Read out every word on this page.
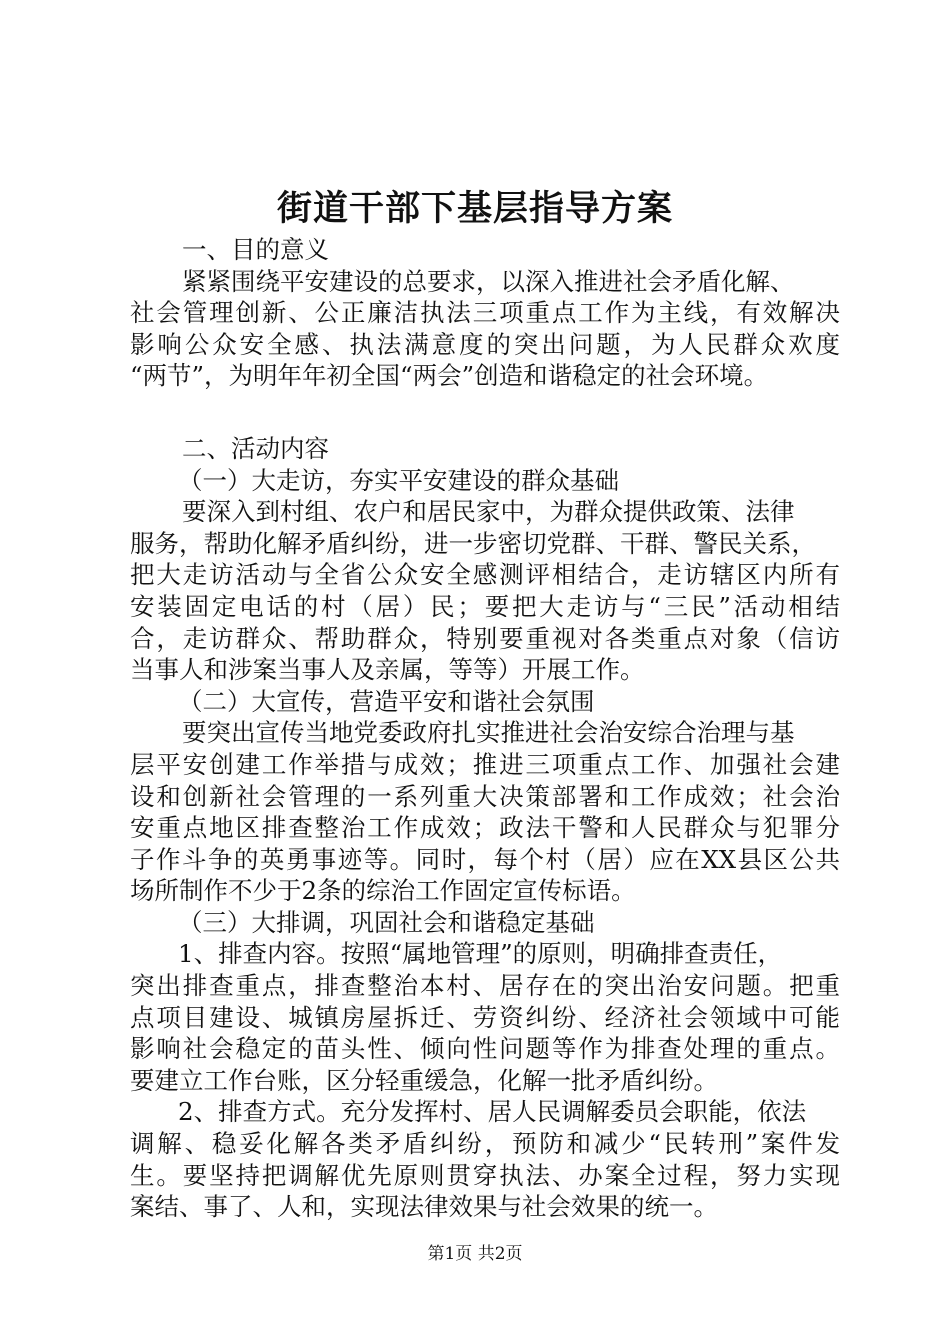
街道干部下基层指导方案
一、目的意义
紧紧围绕平安建设的总要求，以深入推进社会矛盾化解、
社会管理创新、公正廉洁执法三项重点工作为主线，有效解决
影响公众安全感、执法满意度的突出问题，为人民群众欢度
“两节”，为明年年初全国“两会”创造和谐稳定的社会环境。
二、活动内容
（一）大走访，夯实平安建设的群众基础
要深入到村组、农户和居民家中，为群众提供政策、法律
服务，帮助化解矛盾纠纷，进一步密切党群、干群、警民关系，
把大走访活动与全省公众安全感测评相结合，走访辖区内所有
安装固定电话的村（居）民；要把大走访与“三民”活动相结
合，走访群众、帮助群众，特别要重视对各类重点对象（信访
当事人和涉案当事人及亲属，等等）开展工作。
（二）大宣传，营造平安和谐社会氛围
要突出宣传当地党委政府扎实推进社会治安综合治理与基
层平安创建工作举措与成效；推进三项重点工作、加强社会建
设和创新社会管理的一系列重大决策部署和工作成效；社会治
安重点地区排查整治工作成效；政法干警和人民群众与犯罪分
子作斗争的英勇事迹等。同时，每个村（居）应在XX县区公共
场所制作不少于2条的综治工作固定宣传标语。
（三）大排调，巩固社会和谐稳定基础
1、排查内容。按照“属地管理”的原则，明确排查责任，
突出排查重点，排查整治本村、居存在的突出治安问题。把重
点项目建设、城镇房屋拆迁、劳资纠纷、经济社会领域中可能
影响社会稳定的苗头性、倾向性问题等作为排查处理的重点。
要建立工作台账，区分轻重缓急，化解一批矛盾纠纷。
2、排查方式。充分发挥村、居人民调解委员会职能，依法
调解、稳妥化解各类矛盾纠纷，预防和减少“民转刑”案件发
生。要坚持把调解优先原则贯穿执法、办案全过程，努力实现
案结、事了、人和，实现法律效果与社会效果的统一。
第1页 共2页
